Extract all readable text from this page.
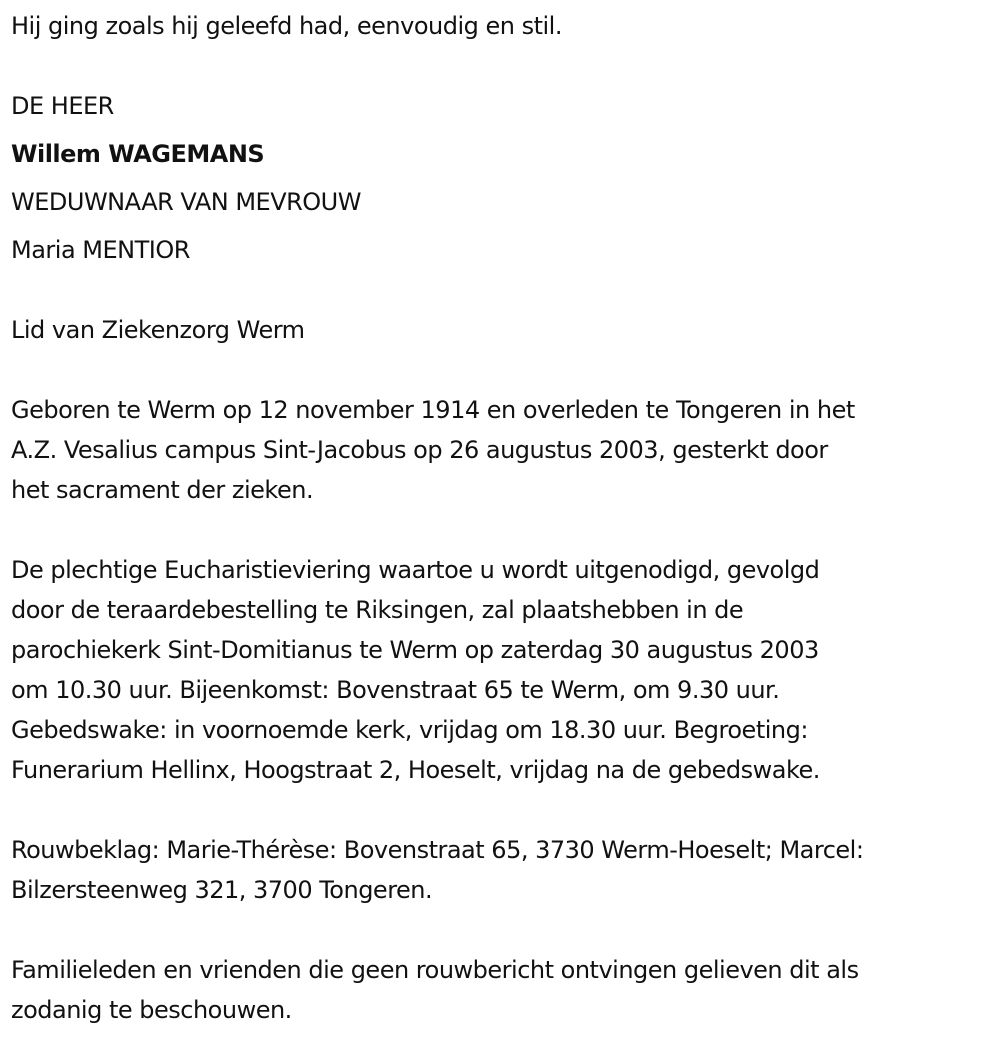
Hij ging zoals hij geleefd had, eenvoudig en stil.

DE HEER

Willem WAGEMANS

WEDUWNAAR VAN MEVROUW

Maria MENTIOR

Lid van Ziekenzorg Werm

Geboren te Werm op 12 november 1914 en overleden te Tongeren in het

A.Z. Vesalius campus Sint-Jacobus op 26 augustus 2003, gesterkt door

het sacrament der zieken.

De plechtige Eucharistieviering waartoe u wordt uitgenodigd, gevolgd

door de teraardebestelling te Riksingen, zal plaatshebben in de

parochiekerk Sint-Domitianus te Werm op zaterdag 30 augustus 2003

om 10.30 uur. Bijeenkomst: Bovenstraat 65 te Werm, om 9.30 uur.

Gebedswake: in voornoemde kerk, vrijdag om 18.30 uur. Begroeting:

Funerarium Hellinx, Hoogstraat 2, Hoeselt, vrijdag na de gebedswake.

Rouwbeklag: Marie-Thérèse: Bovenstraat 65, 3730 Werm-Hoeselt; Marcel:

Bilzersteenweg 321, 3700 Tongeren.

Familieleden en vrienden die geen rouwbericht ontvingen gelieven dit als

zodanig te beschouwen.
